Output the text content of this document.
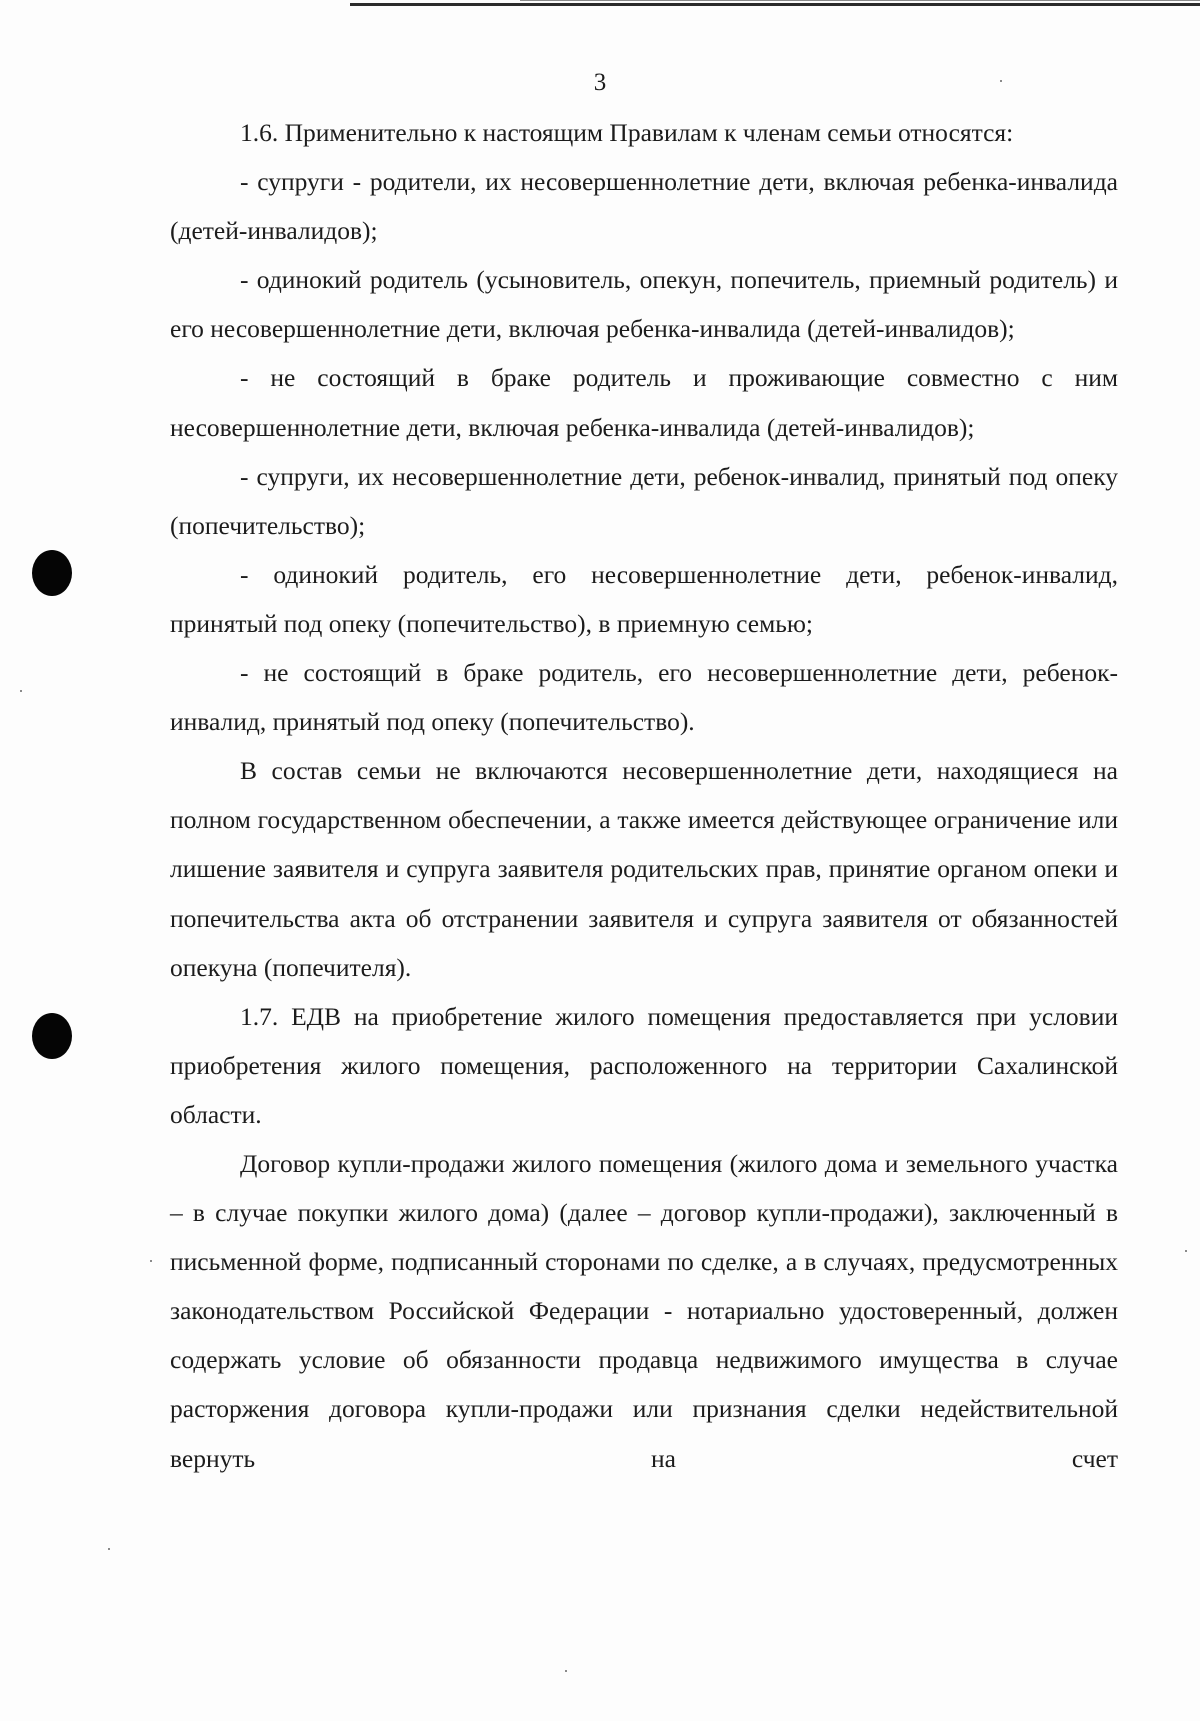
3

1.6. Применительно к настоящим Правилам к членам семьи относятся:

- супруги - родители, их несовершеннолетние дети, включая ребенка-инвалида (детей-инвалидов);

- одинокий родитель (усыновитель, опекун, попечитель, приемный родитель) и его несовершеннолетние дети, включая ребенка-инвалида (детей-инвалидов);

- не состоящий в браке родитель и проживающие совместно с ним несовершеннолетние дети, включая ребенка-инвалида (детей-инвалидов);

- супруги, их несовершеннолетние дети, ребенок-инвалид, принятый под опеку (попечительство);

- одинокий родитель, его несовершеннолетние дети, ребенок-инвалид, принятый под опеку (попечительство), в приемную семью;

- не состоящий в браке родитель, его несовершеннолетние дети, ребенок-инвалид, принятый под опеку (попечительство).

В состав семьи не включаются несовершеннолетние дети, находящиеся на полном государственном обеспечении, а также имеется действующее ограничение или лишение заявителя и супруга заявителя родительских прав, принятие органом опеки и попечительства акта об отстранении заявителя и супруга заявителя от обязанностей опекуна (попечителя).

1.7. ЕДВ на приобретение жилого помещения предоставляется при условии приобретения жилого помещения, расположенного на территории Сахалинской области.

Договор купли-продажи жилого помещения (жилого дома и земельного участка – в случае покупки жилого дома) (далее – договор купли-продажи), заключенный в письменной форме, подписанный сторонами по сделке, а в случаях, предусмотренных законодательством Российской Федерации - нотариально удостоверенный, должен содержать условие об обязанности продавца недвижимого имущества в случае расторжения договора купли-продажи или признания сделки недействительной вернуть на счет
